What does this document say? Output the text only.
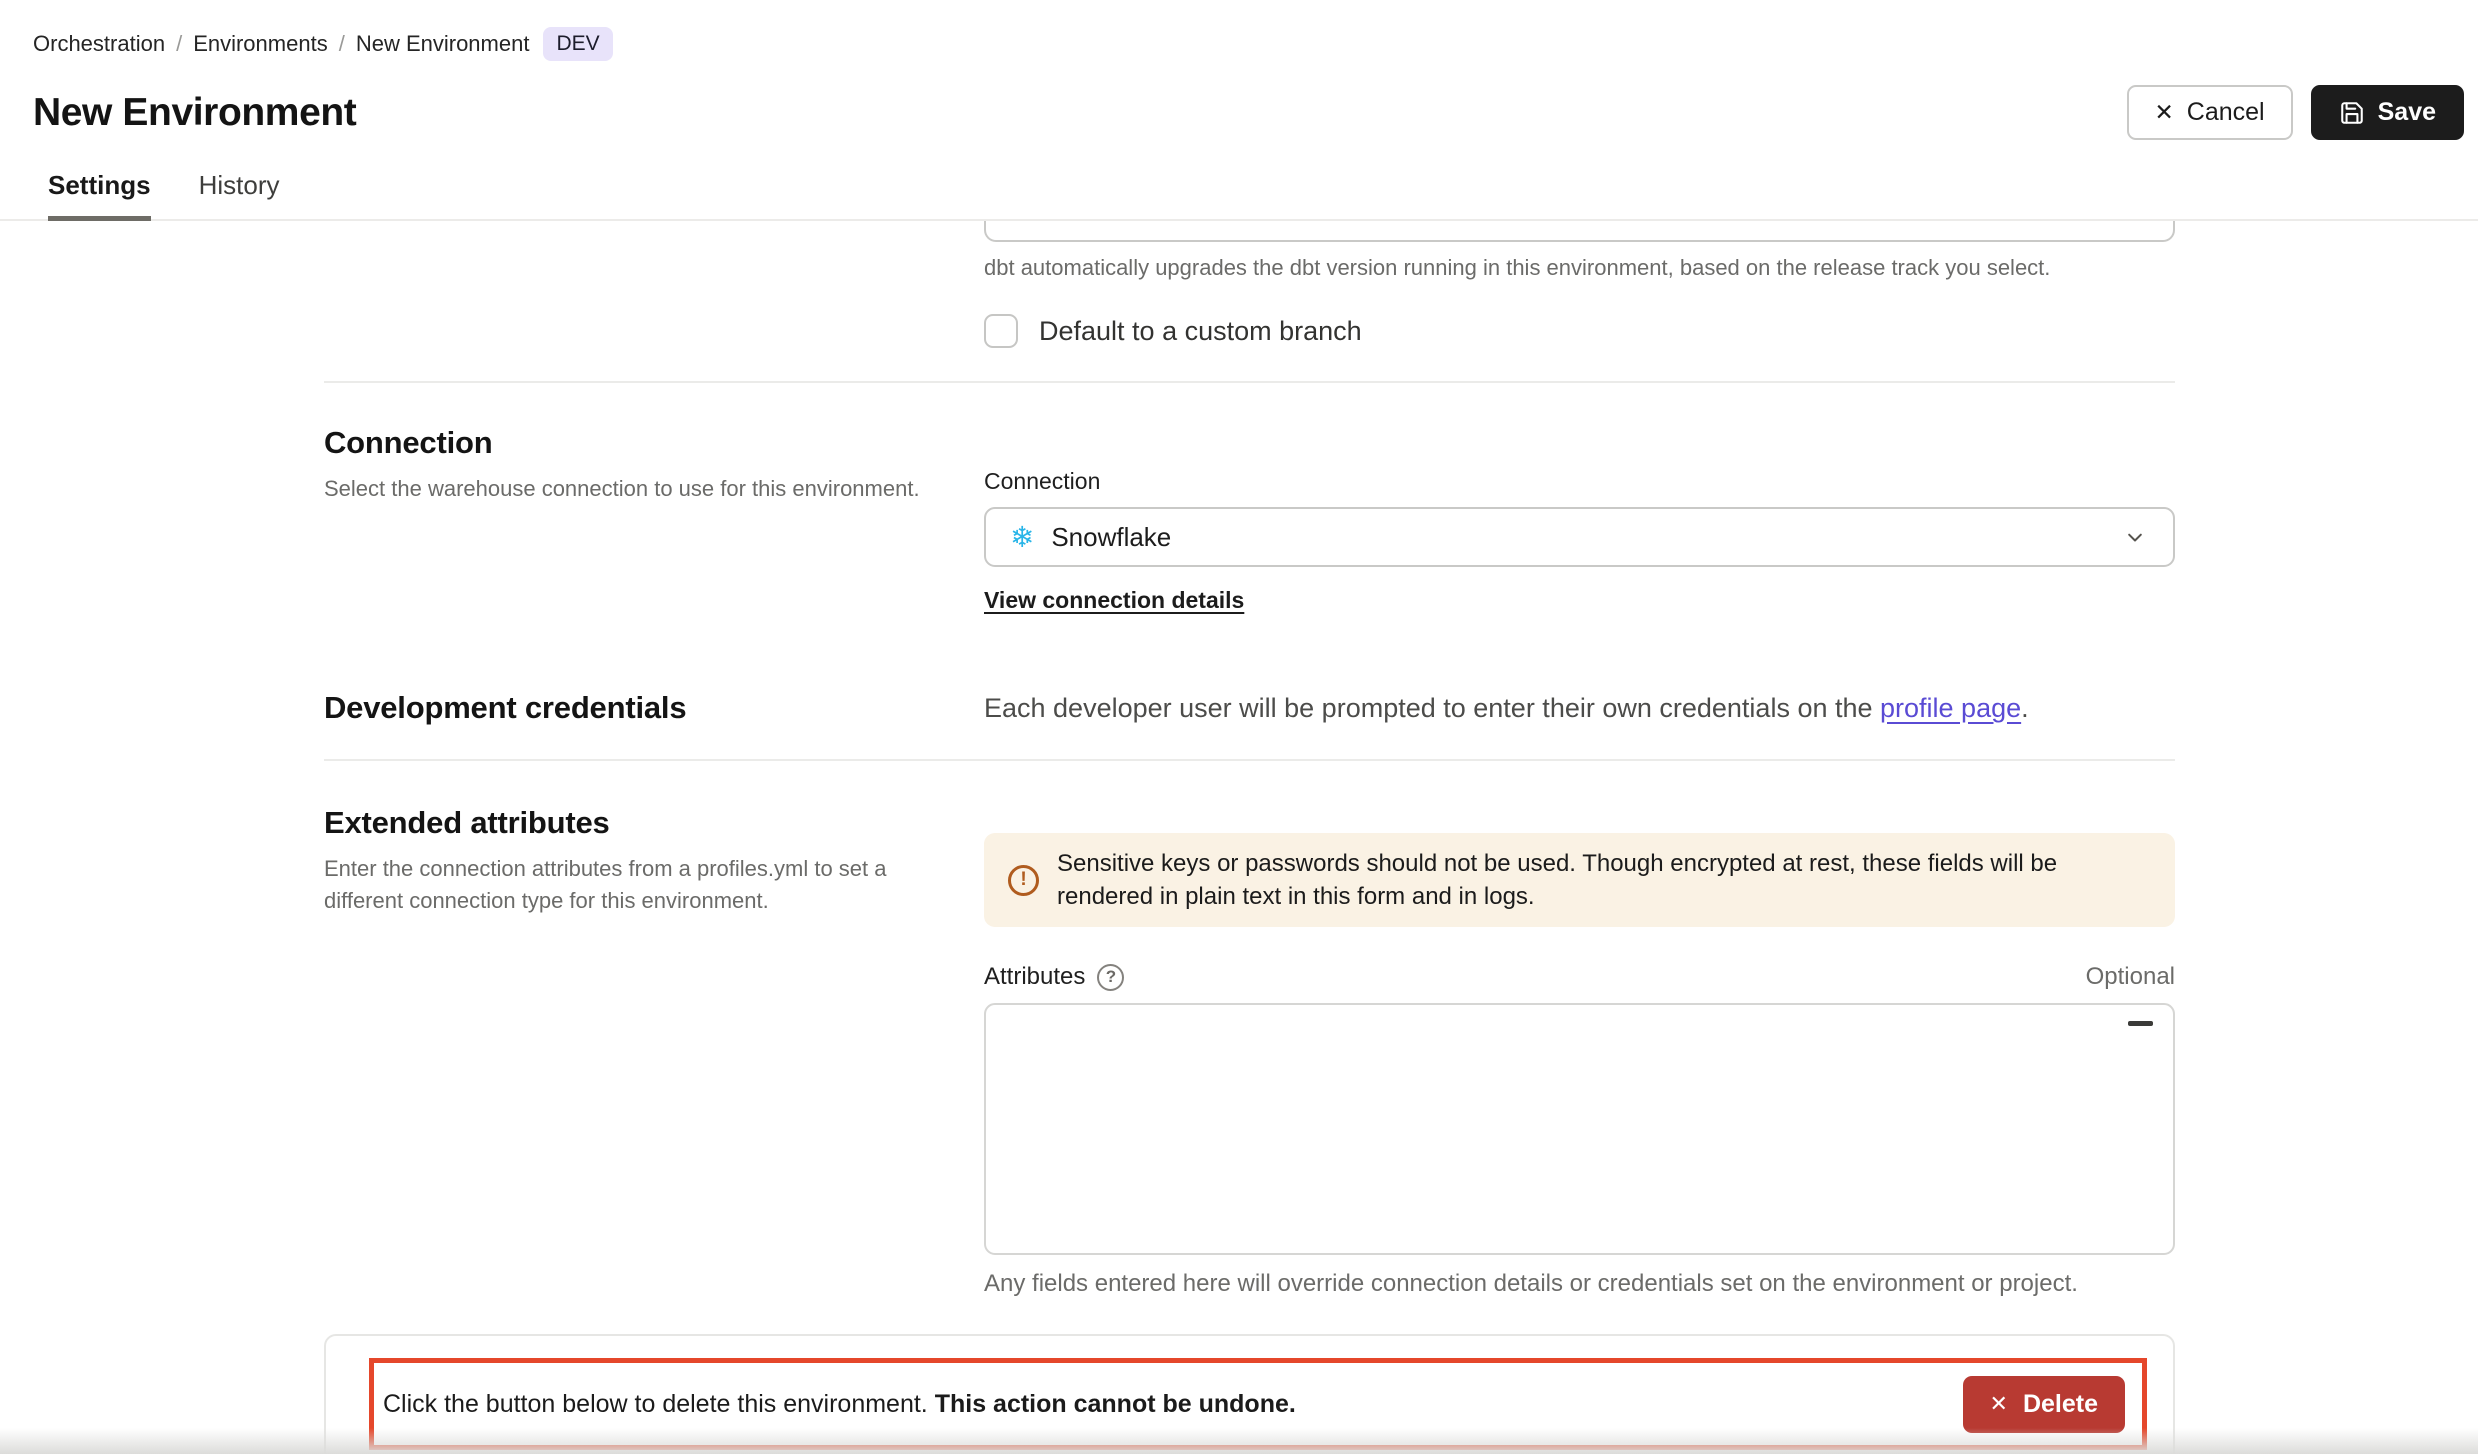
Orchestration / Environments / New Environment	DEV
New Environment	✕ Cancel	Save
Settings History

dbt automatically upgrades the dbt version running in this environment, based on the release track you select.

Default to a custom branch
Connection

Select the warehouse connection to use for this environment.	Connection
❄ Snowflake
View connection details
Development credentials	Each developer user will be prompted to enter their own credentials on the profile page.

Extended attributes

Enter the connection attributes from a profiles.yml to set a different connection type for this environment.

!

Sensitive keys or passwords should not be used. Though encrypted at rest, these fields will be rendered in plain text in this form and in logs.

Attributes	?	Optional

Any fields entered here will override connection details or credentials set on the environment or project.

Click the button below to delete this environment. This action cannot be undone.	✕ Delete
